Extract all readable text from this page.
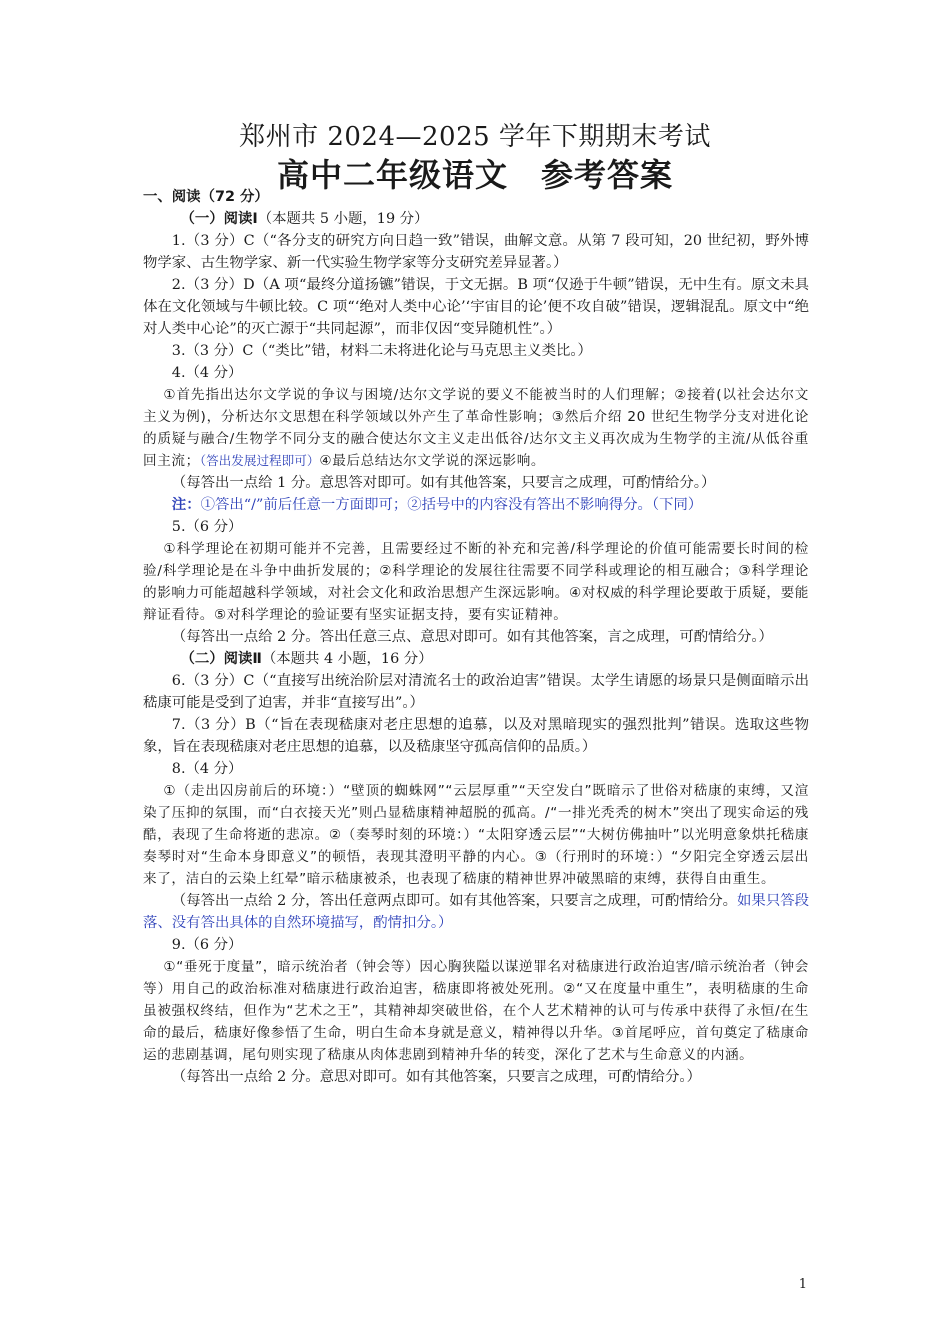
郑州市 2024—2025 学年下期期末考试
高中二年级语文　参考答案

一、阅读（72 分）

（一）阅读Ⅰ（本题共 5 小题，19 分）

1.（3 分）C（“各分支的研究方向日趋一致”错误，曲解文意。从第 7 段可知，20 世纪初，野外博物学家、古生物学家、新一代实验生物学家等分支研究差异显著。）

2.（3 分）D（A 项“最终分道扬镳”错误，于文无据。B 项“仅逊于牛顿”错误，无中生有。原文未具体在文化领域与牛顿比较。C 项“‘绝对人类中心论’‘宇宙目的论’便不攻自破”错误，逻辑混乱。原文中“绝对人类中心论”的灭亡源于“共同起源”，而非仅因“变异随机性”。）

3.（3 分）C（“类比”错，材料二未将进化论与马克思主义类比。）

4.（4 分）

①首先指出达尔文学说的争议与困境/达尔文学说的要义不能被当时的人们理解；②接着(以社会达尔文主义为例)，分析达尔文思想在科学领域以外产生了革命性影响；③然后介绍 20 世纪生物学分支对进化论的质疑与融合/生物学不同分支的融合使达尔文主义走出低谷/达尔文主义再次成为生物学的主流/从低谷重回主流；（答出发展过程即可）④最后总结达尔文学说的深远影响。

（每答出一点给 1 分。意思答对即可。如有其他答案，只要言之成理，可酌情给分。）

注：①答出“/”前后任意一方面即可；②括号中的内容没有答出不影响得分。（下同）

5.（6 分）

①科学理论在初期可能并不完善，且需要经过不断的补充和完善/科学理论的价值可能需要长时间的检验/科学理论是在斗争中曲折发展的；②科学理论的发展往往需要不同学科或理论的相互融合；③科学理论的影响力可能超越科学领域，对社会文化和政治思想产生深远影响。④对权威的科学理论要敢于质疑，要能辩证看待。⑤对科学理论的验证要有坚实证据支持，要有实证精神。

（每答出一点给 2 分。答出任意三点、意思对即可。如有其他答案，言之成理，可酌情给分。）

（二）阅读Ⅱ（本题共 4 小题，16 分）

6.（3 分）C（“直接写出统治阶层对清流名士的政治迫害”错误。太学生请愿的场景只是侧面暗示出嵇康可能是受到了迫害，并非“直接写出”。）

7.（3 分）B（“旨在表现嵇康对老庄思想的追慕，以及对黑暗现实的强烈批判”错误。选取这些物象，旨在表现嵇康对老庄思想的追慕，以及嵇康坚守孤高信仰的品质。）

8.（4 分）

①（走出囚房前后的环境：）“壁顶的蜘蛛网”“云层厚重”“天空发白”既暗示了世俗对嵇康的束缚，又渲染了压抑的氛围，而“白衣接天光”则凸显嵇康精神超脱的孤高。/“一排光秃秃的树木”突出了现实命运的残酷，表现了生命将逝的悲凉。②（奏琴时刻的环境：）“太阳穿透云层”“大树仿佛抽叶”以光明意象烘托嵇康奏琴时对“生命本身即意义”的顿悟，表现其澄明平静的内心。③（行刑时的环境：）“夕阳完全穿透云层出来了，洁白的云染上红晕”暗示嵇康被杀，也表现了嵇康的精神世界冲破黑暗的束缚，获得自由重生。

（每答出一点给 2 分，答出任意两点即可。如有其他答案，只要言之成理，可酌情给分。如果只答段落、没有答出具体的自然环境描写，酌情扣分。）

9.（6 分）

①“垂死于度量”，暗示统治者（钟会等）因心胸狭隘以谋逆罪名对嵇康进行政治迫害/暗示统治者（钟会等）用自己的政治标准对嵇康进行政治迫害，嵇康即将被处死刑。②“又在度量中重生”，表明嵇康的生命虽被强权终结，但作为“艺术之王”，其精神却突破世俗，在个人艺术精神的认可与传承中获得了永恒/在生命的最后，嵇康好像参悟了生命，明白生命本身就是意义，精神得以升华。③首尾呼应，首句奠定了嵇康命运的悲剧基调，尾句则实现了嵇康从肉体悲剧到精神升华的转变，深化了艺术与生命意义的内涵。

（每答出一点给 2 分。意思对即可。如有其他答案，只要言之成理，可酌情给分。）

1
